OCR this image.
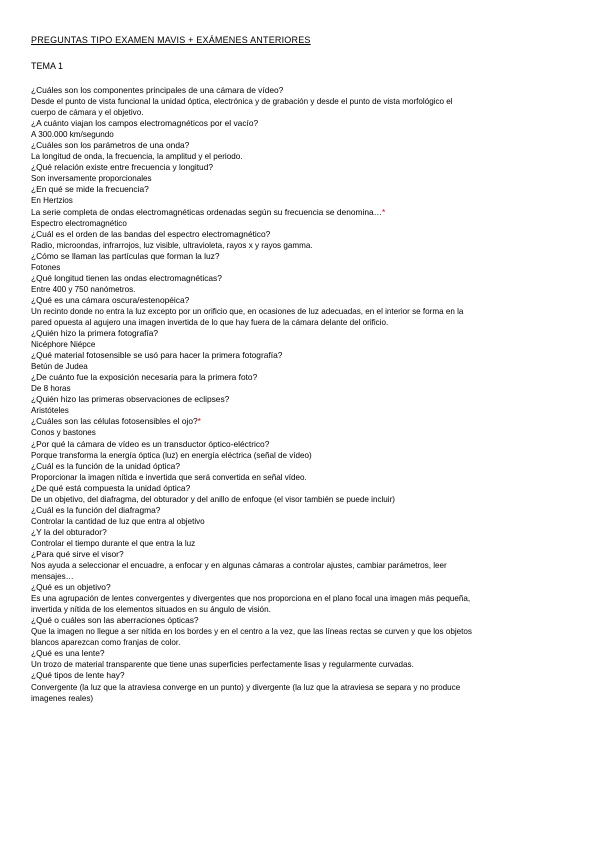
PREGUNTAS TIPO EXAMEN MAVIS + EXÁMENES ANTERIORES
TEMA 1
¿Cuáles son los componentes principales de una cámara de vídeo?
Desde el punto de vista funcional la unidad óptica, electrónica y de grabación y desde el punto de vista morfológico el
cuerpo de cámara y el objetivo.
¿A cuánto viajan los campos electromagnéticos por el vacío?
A 300.000 km/segundo
¿Cuáles son los parámetros de una onda?
La longitud de onda, la frecuencia, la amplitud y el periodo.
¿Qué relación existe entre frecuencia y longitud?
Son inversamente proporcionales
¿En qué se mide la frecuencia?
En Hertzios
La serie completa de ondas electromagnéticas ordenadas según su frecuencia se denomina…*
Espectro electromagnético
¿Cuál es el orden de las bandas del espectro electromagnético?
Radio, microondas, infrarrojos, luz visible, ultravioleta, rayos x y rayos gamma.
¿Cómo se llaman las partículas que forman la luz?
Fotones
¿Qué longitud tienen las ondas electromagnéticas?
Entre 400 y 750 nanómetros.
¿Qué es una cámara oscura/estenopéica?
Un recinto donde no entra la luz excepto por un orificio que, en ocasiones de luz adecuadas, en el interior se forma en la
pared opuesta al agujero una imagen invertida de lo que hay fuera de la cámara delante del orificio.
¿Quién hizo la primera fotografía?
Nicéphore Niépce
¿Qué material fotosensible se usó para hacer la primera fotografía?
Betún de Judea
¿De cuánto fue la exposición necesaria para la primera foto?
De 8 horas
¿Quién hizo las primeras observaciones de eclipses?
Aristóteles
¿Cuáles son las células fotosensibles el ojo?*
Conos y bastones
¿Por qué la cámara de vídeo es un transductor óptico-eléctrico?
Porque transforma la energía óptica (luz) en energía eléctrica (señal de vídeo)
¿Cuál es la función de la unidad óptica?
Proporcionar la imagen nítida e invertida que será convertida en señal vídeo.
¿De qué está compuesta la unidad óptica?
De un objetivo, del diafragma, del obturador y del anillo de enfoque (el visor también se puede incluir)
¿Cuál es la función del diafragma?
Controlar la cantidad de luz que entra al objetivo
¿Y la del obturador?
Controlar el tiempo durante el que entra la luz
¿Para qué sirve el visor?
Nos ayuda a seleccionar el encuadre, a enfocar y en algunas cámaras a controlar ajustes, cambiar parámetros, leer
mensajes…
¿Qué es un objetivo?
Es una agrupación de lentes convergentes y divergentes que nos proporciona en el plano focal una imagen más pequeña,
invertida y nítida de los elementos situados en su ángulo de visión.
¿Qué o cuáles son las aberraciones ópticas?
Que la imagen no llegue a ser nítida en los bordes y en el centro a la vez, que las líneas rectas se curven y que los objetos
blancos aparezcan como franjas de color.
¿Qué es una lente?
Un trozo de material transparente que tiene unas superficies perfectamente lisas y regularmente curvadas.
¿Qué tipos de lente hay?
Convergente (la luz que la atraviesa converge en un punto) y divergente (la luz que la atraviesa se separa y no produce
imagenes reales)
